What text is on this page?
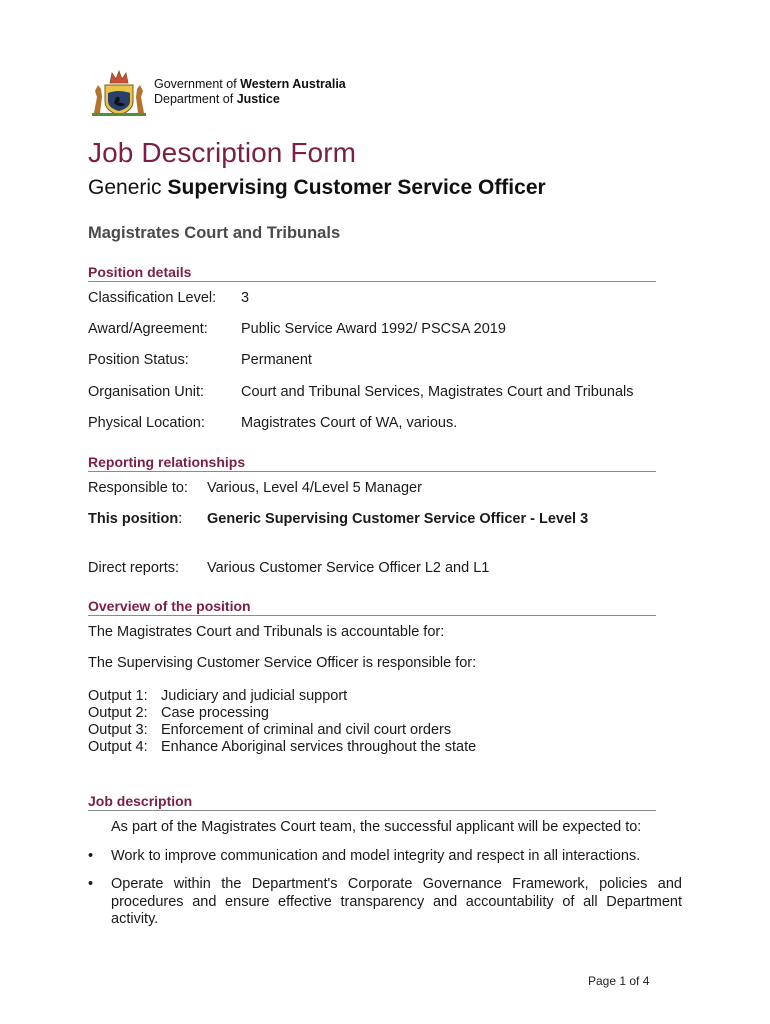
Government of Western Australia
Department of Justice
Job Description Form
Generic Supervising Customer Service Officer
Magistrates Court and Tribunals
Position details
Classification Level: 3
Award/Agreement: Public Service Award 1992/ PSCSA 2019
Position Status:	Permanent
Organisation Unit:	Court and Tribunal Services, Magistrates Court and Tribunals
Physical Location: Magistrates Court of WA, various.
Reporting relationships
Responsible to: Various, Level 4/Level 5 Manager
This position: Generic Supervising Customer Service Officer - Level 3
Direct reports: Various Customer Service Officer L2 and L1
Overview of the position
The Magistrates Court and Tribunals is accountable for:
The Supervising Customer Service Officer is responsible for:
Output 1: Judiciary and judicial support
Output 2: Case processing
Output 3: Enforcement of criminal and civil court orders
Output 4: Enhance Aboriginal services throughout the state
Job description
As part of the Magistrates Court team, the successful applicant will be expected to:
• Work to improve communication and model integrity and respect in all interactions.
• Operate within the Department's Corporate Governance Framework, policies and procedures and ensure effective transparency and accountability of all Department activity.
Page 1 of 4
